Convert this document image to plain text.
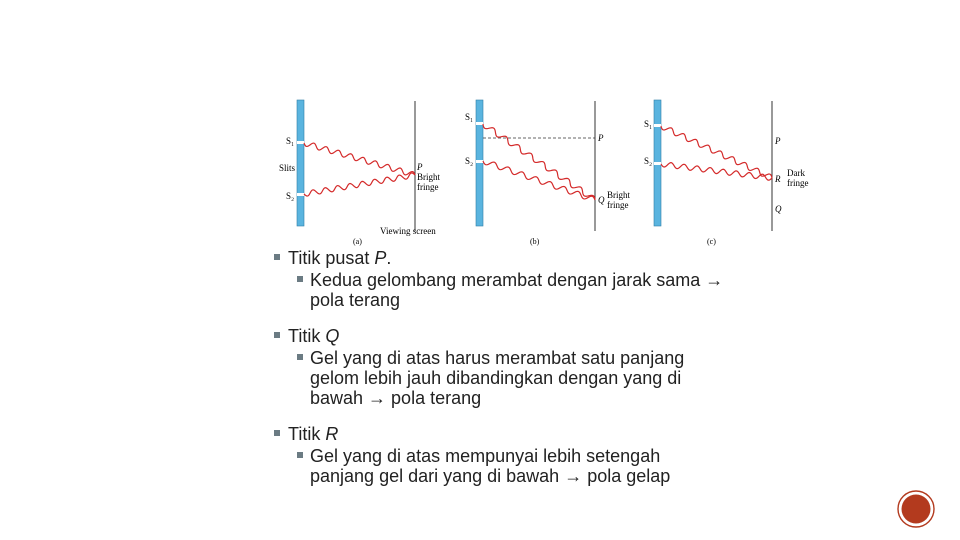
S₁
Slits
S₂
P
Bright
fringe
Viewing screen
(a)
S₁
S₂
P
Q Bright
fringe
(b)
S₁
S₂
P
R
Dark
fringe
Q
(c)

Titik pusat P.

Kedua gelombang merambat dengan jarak sama →
pola terang

Titik Q

Gel yang di atas harus merambat satu panjang
gelom lebih jauh dibandingkan dengan yang di
bawah → pola terang

Titik R

Gel yang di atas mempunyai lebih setengah
panjang gel dari yang di bawah → pola gelap
